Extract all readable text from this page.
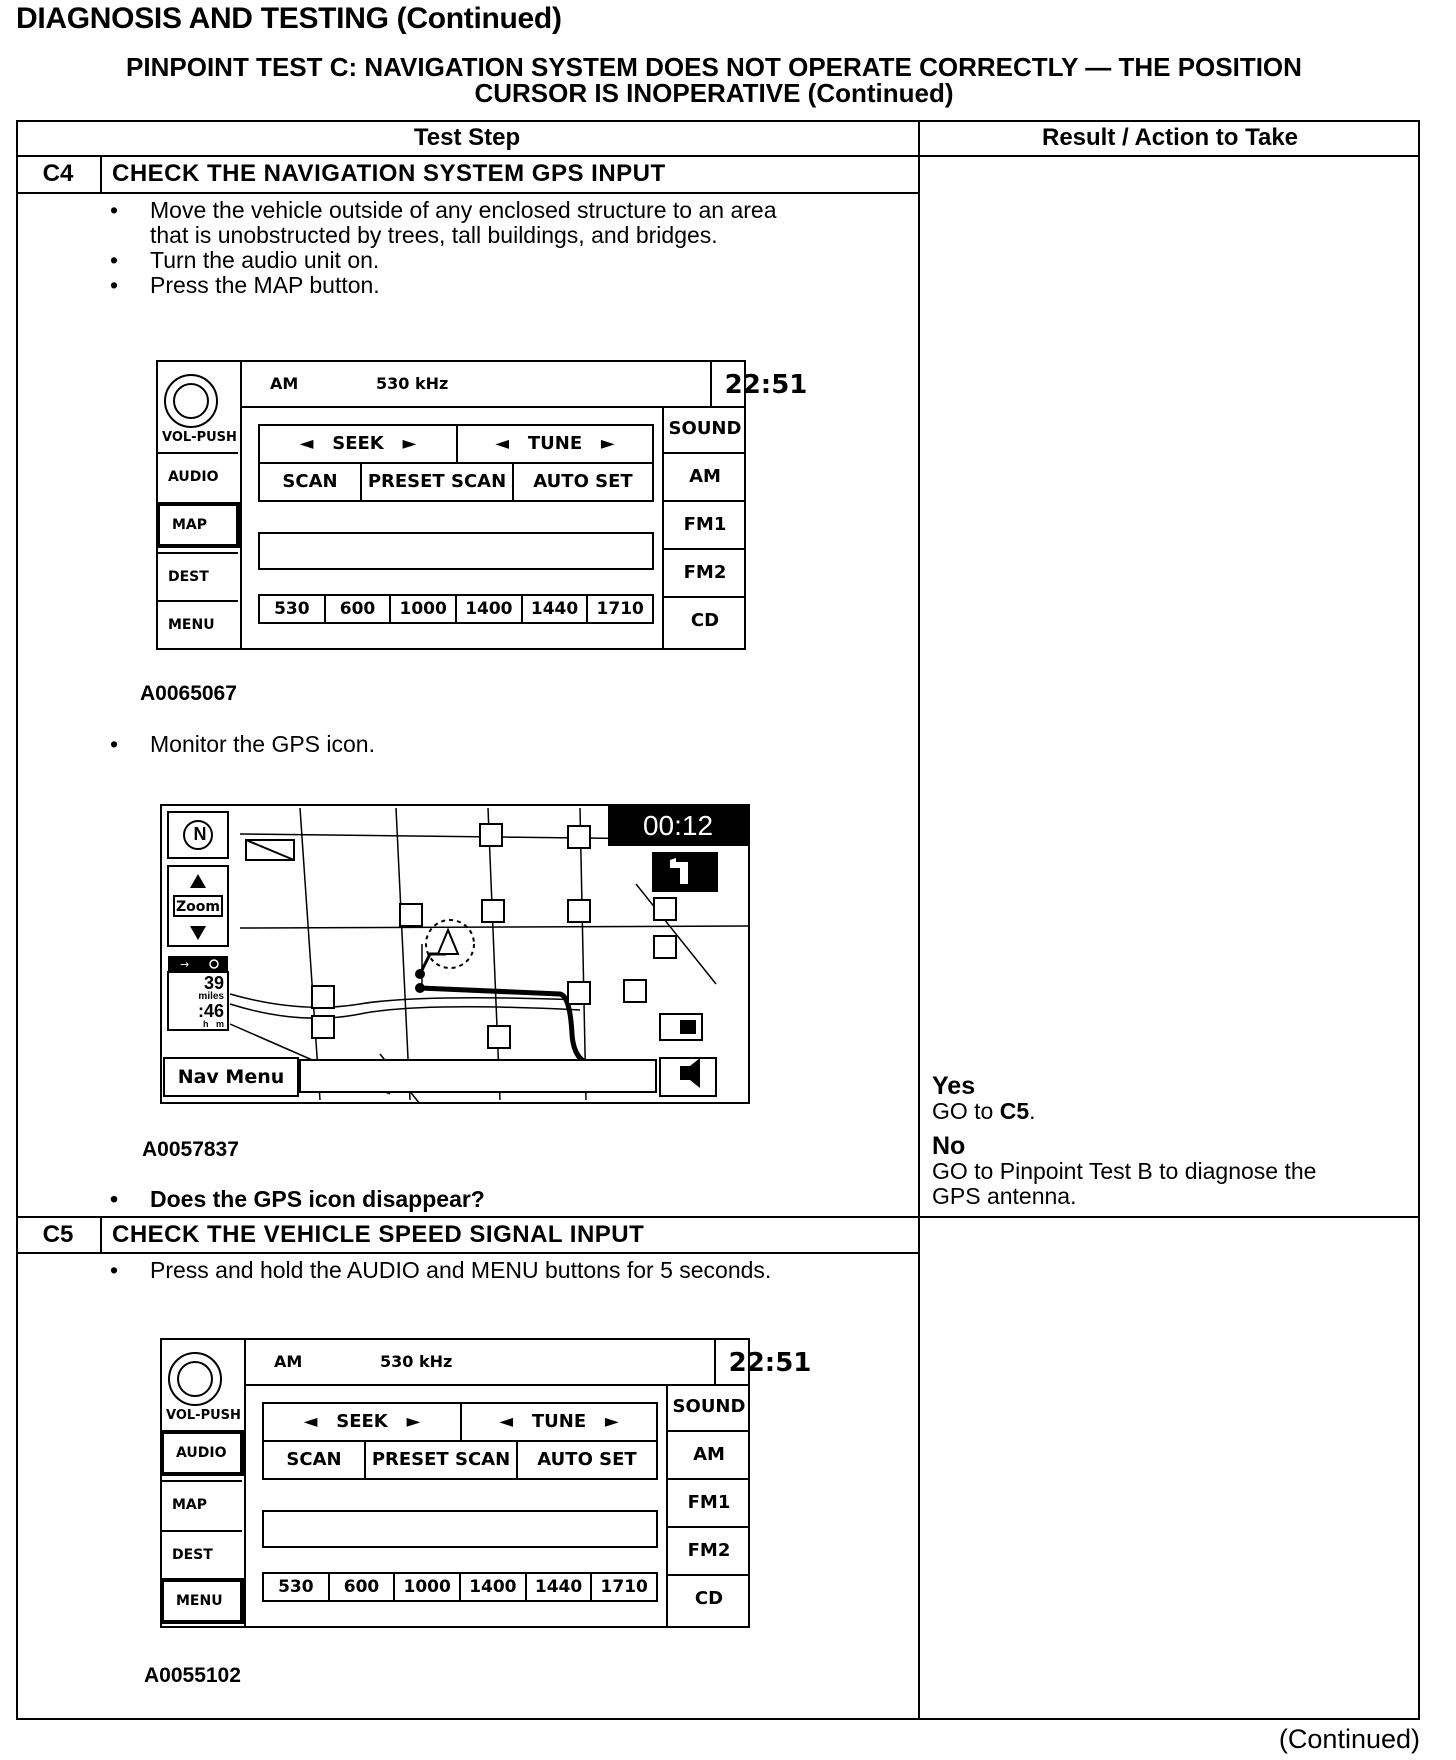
DIAGNOSIS AND TESTING (Continued)
PINPOINT TEST C: NAVIGATION SYSTEM DOES NOT OPERATE CORRECTLY — THE POSITION
CURSOR IS INOPERATIVE (Continued)
Test Step	Result / Action to Take
C4	CHECK THE NAVIGATION SYSTEM GPS INPUT
• Move the vehicle outside of any enclosed structure to an area
that is unobstructed by trees, tall buildings, and bridges.
• Turn the audio unit on.
• Press the MAP button.
VOL-PUSH
AUDIO
MAP
DEST
MENU
AM	530 kHz	22:51
◄   SEEK   ►	◄   TUNE   ►
SCAN	PRESET SCAN	AUTO SET
530	600	1000	1400	1440	1710
SOUND
AM
FM1
FM2
CD
A0065067
• Monitor the GPS icon.
→
N
Zoom
39
miles
:46
h   m
Nav Menu
00:12
A0057837
• Does the GPS icon disappear?
Yes
GO to C5.
No
GO to Pinpoint Test B to diagnose the
GPS antenna.
C5	CHECK THE VEHICLE SPEED SIGNAL INPUT
• Press and hold the AUDIO and MENU buttons for 5 seconds.
VOL-PUSH
AUDIO
MAP
DEST
MENU
AM	530 kHz	22:51
◄   SEEK   ►	◄   TUNE   ►
SCAN	PRESET SCAN	AUTO SET
530	600	1000	1400	1440	1710
SOUND
AM
FM1
FM2
CD
A0055102
(Continued)
